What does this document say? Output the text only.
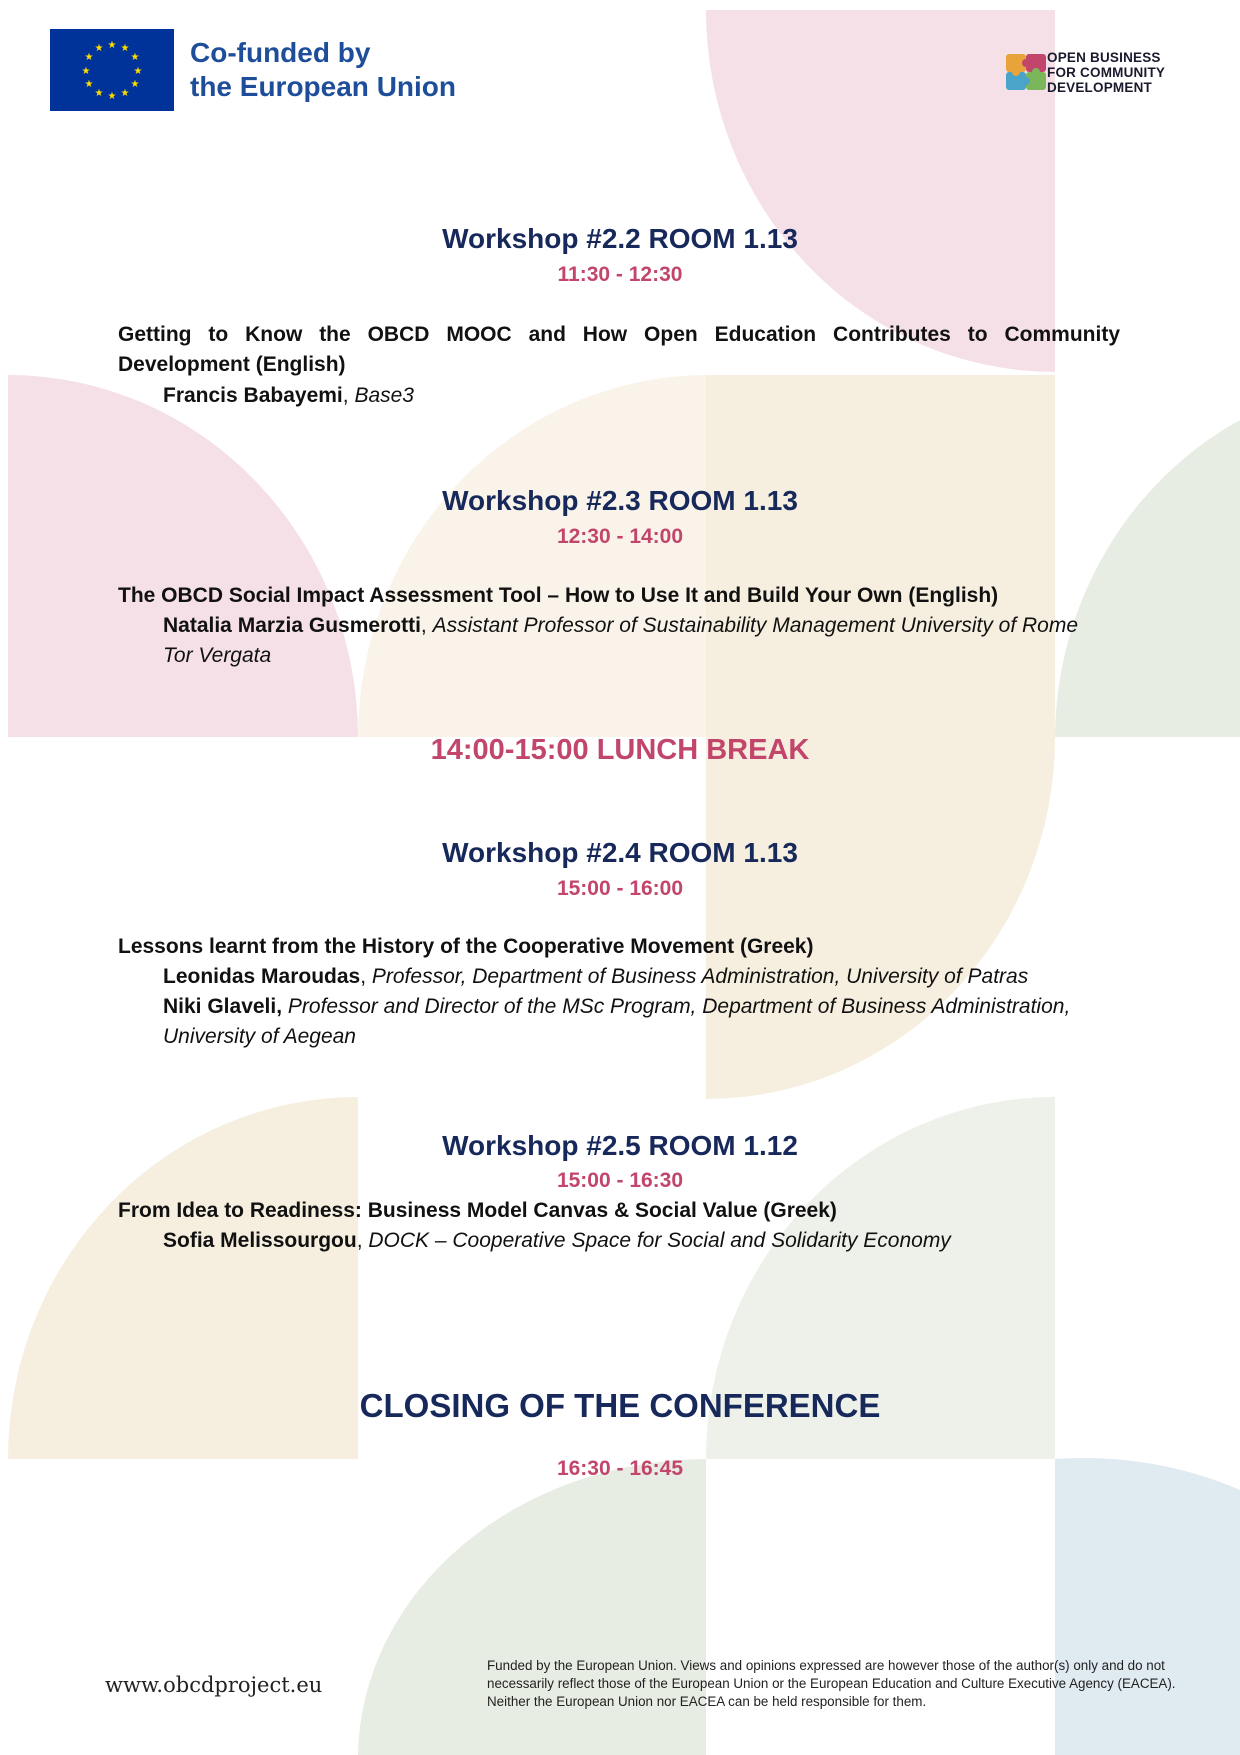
★ ★
★
★
★
★
★
★
★
★
★
★	Co-funded by
the European Union
OPEN BUSINESS
FOR COMMUNITY
DEVELOPMENT
Workshop #2.2 ROOM 1.13
11:30 - 12:30
Getting to Know the OBCD MOOC and How Open Education Contributes to Community Development (English)
Francis Babayemi, Base3
Workshop #2.3 ROOM 1.13
12:30 - 14:00
The OBCD Social Impact Assessment Tool – How to Use It and Build Your Own (English)
Natalia Marzia Gusmerotti, Assistant Professor of Sustainability Management University of Rome Tor Vergata
14:00-15:00 LUNCH BREAK
Workshop #2.4 ROOM 1.13
15:00 - 16:00
Lessons learnt from the History of the Cooperative Movement (Greek)
Leonidas Maroudas, Professor, Department of Business Administration, University of Patras
Niki Glaveli, Professor and Director of the MSc Program, Department of Business Administration, University of Aegean
Workshop #2.5 ROOM 1.12
15:00 - 16:30
From Idea to Readiness: Business Model Canvas & Social Value (Greek)
Sofia Melissourgou, DOCK – Cooperative Space for Social and Solidarity Economy
CLOSING OF THE CONFERENCE
16:30 - 16:45
www.obcdproject.eu
Funded by the European Union. Views and opinions expressed are however those of the author(s) only and do not necessarily reflect those of the European Union or the European Education and Culture Executive Agency (EACEA). Neither the European Union nor EACEA can be held responsible for them.
